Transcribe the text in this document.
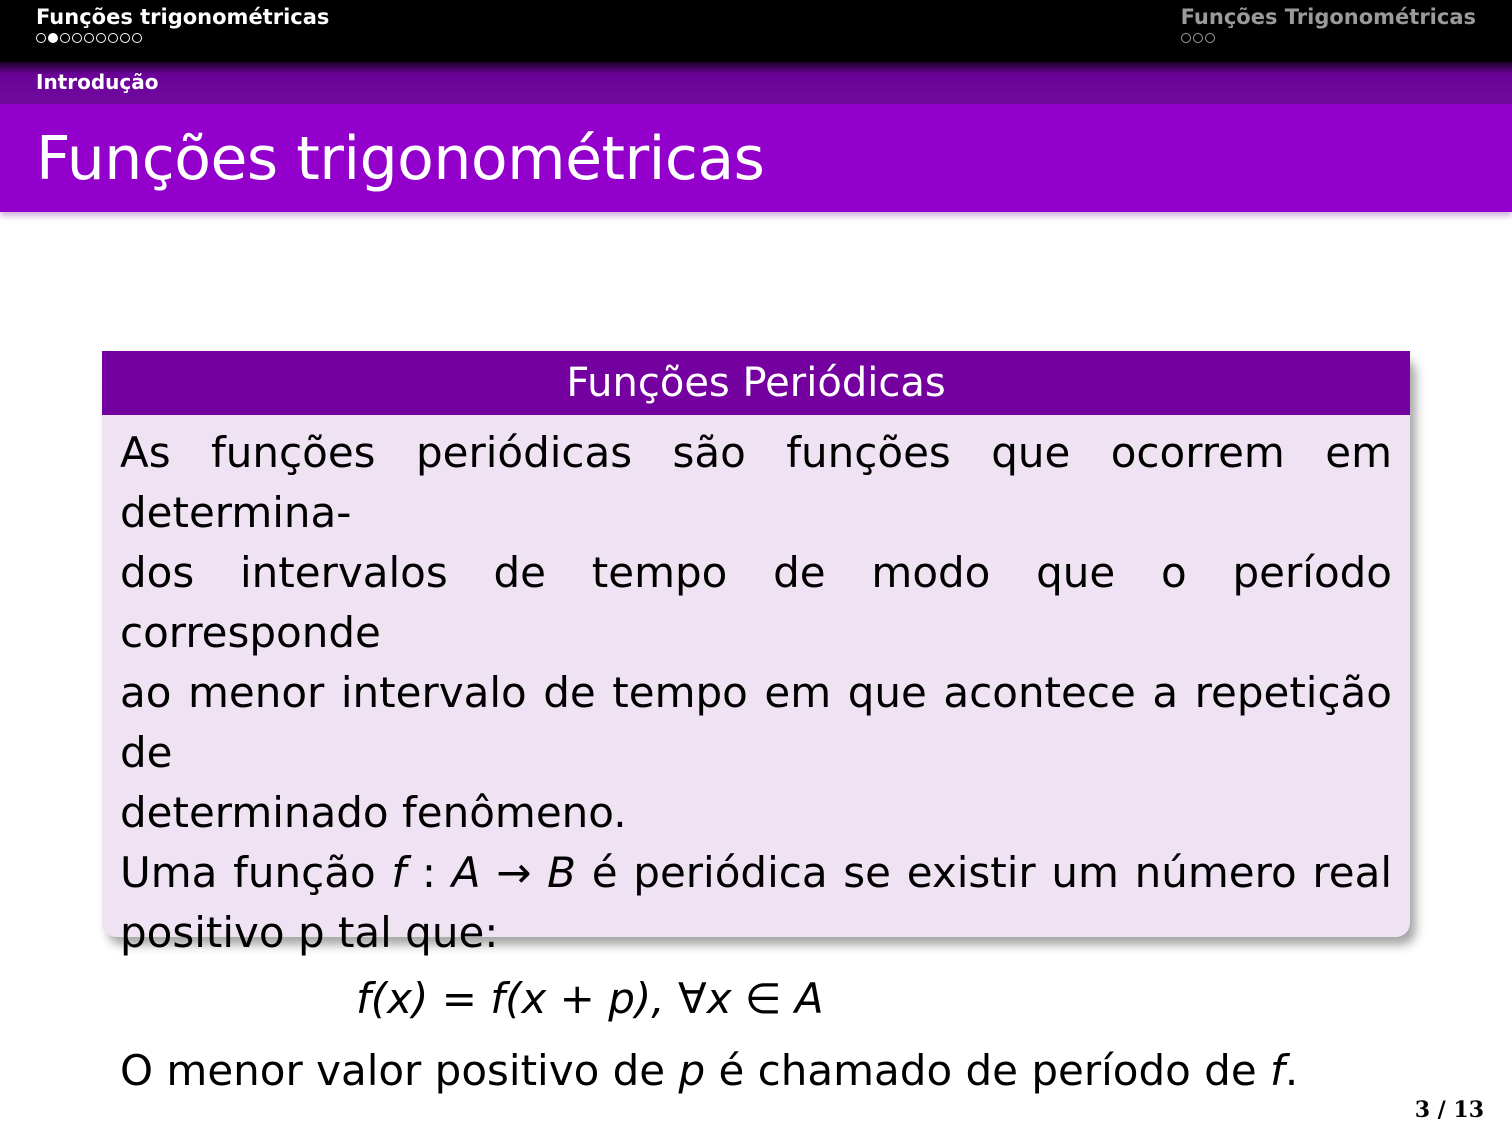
Funções trigonométricas	Funções Trigonométricas
Introdução
Funções trigonométricas
Funções Periódicas

As funções periódicas são funções que ocorrem em determina-

dos intervalos de tempo de modo que o período corresponde

ao menor intervalo de tempo em que acontece a repetição de

determinado fenômeno.

Uma função f : A → B é periódica se existir um número real

positivo p tal que:

f(x) = f(x + p), ∀x ∈ A

O menor valor positivo de p é chamado de período de f.

3 / 13
